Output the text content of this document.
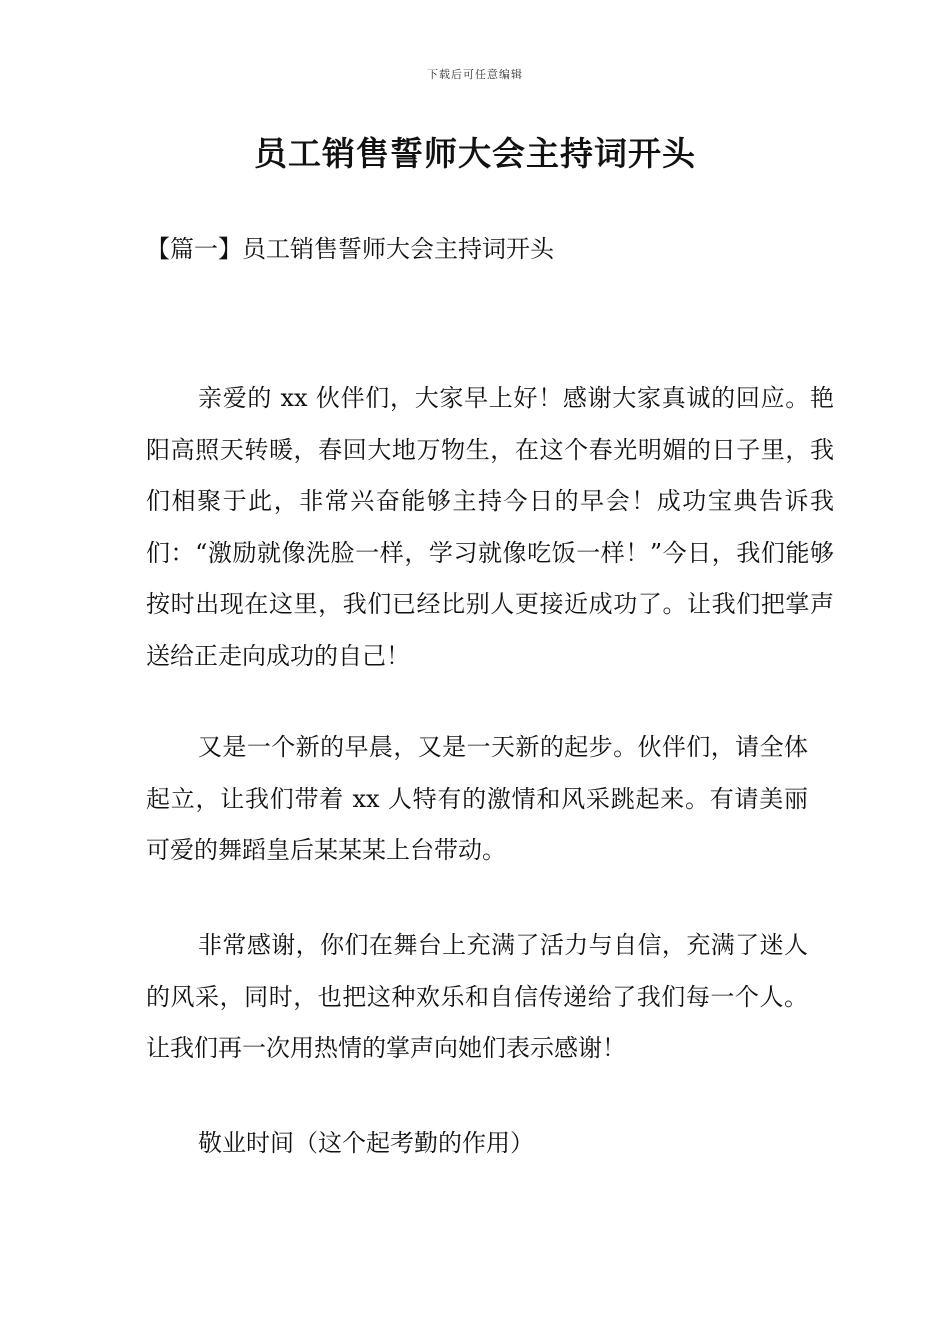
下载后可任意编辑
员工销售誓师大会主持词开头
【篇一】员工销售誓师大会主持词开头

亲爱的 xx 伙伴们，大家早上好！感谢大家真诚的回应。艳阳高照天转暖，春回大地万物生，在这个春光明媚的日子里，我们相聚于此，非常兴奋能够主持今日的早会！成功宝典告诉我们：“激励就像洗脸一样，学习就像吃饭一样！”今日，我们能够按时出现在这里，我们已经比别人更接近成功了。让我们把掌声送给正走向成功的自己！

又是一个新的早晨，又是一天新的起步。伙伴们，请全体起立，让我们带着 xx 人特有的激情和风采跳起来。有请美丽可爱的舞蹈皇后某某某上台带动。

非常感谢，你们在舞台上充满了活力与自信，充满了迷人的风采，同时，也把这种欢乐和自信传递给了我们每一个人。让我们再一次用热情的掌声向她们表示感谢！

敬业时间（这个起考勤的作用）
